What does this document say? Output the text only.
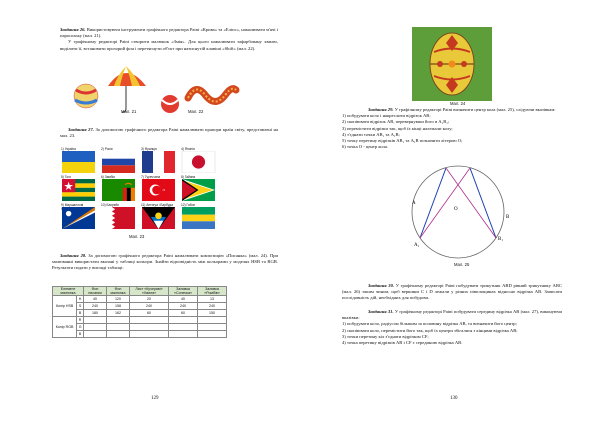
Завдання 26. Використовуючи інструменти графічного редактора Paint «Крива» та «Еліпс», намалювати м'ячі і парасольку (мал. 21).

У графічному редакторі Paint створити малюнок «Змія». Для цього намалювати зафарбовану хвилю, виділити її, встановити прозорий фон і перетягнути об'єкт при натиснутій клавіші «Shift» (мал. 22).

Мал. 21	Мал. 22

Завдання 27. За допомогою графічного редактора Paint намалювати прапори країн світу, представлені на мал. 23.

1) Україна	2) Росія	3) Франція	4) Японія
5) Того	6) Замбія	7) Туреччина	8) Гайана
9) Маршаллові	10) Бахрейн	11) Антигуа і Барбуда	12) Габон
Мал. 23

Завдання 28. За допомогою графічного редактора Paint намалювати композицію «Писанка» (мал. 24). При малюванні використати вказані у таблиці кольори. Знайти відповідність між кольорами у моделях HSB та RGB. Результати подати у вигляді таблиці:

Елемент малюнка		Фон писанки	Фон малюнка	Лист «Кучеряві» «Хвиля»	Заливка «Сонечка»	Заливка «Ромбів»
Колір HSB	H	40	120	20	40	13
	S	240	158	240	240	240
	B	180	162	60	60	150
Колір RGB	R					
	G					
	B					
129
Мал. 24

Завдання 29. У графічному редакторі Paint визначити центр кола (мал. 25), слідуючи вказівкам:

1) побудувати коло і накреслити відрізок AB;

2) скопіювати відрізок AB, перевернувши його в A₁B₁;

3) перемістити відрізки так, щоб їх кінці належали колу;

4) з'єднати точки AB₁ та A₁B;

5) точку перетину відрізків AB₁ та A₁B позначити літерою O;

6) точка O - центр кола.

A
A₁
B₁
B
O
Мал. 25

Завдання 30. У графічному редакторі Paint побудувати трикутник ABD рівний трикутнику ABC (мал. 26) таким чином, щоб вершини C і D лежали у різних півплощинах відносно відрізка AB. Записати послідовність дій, необхідних для побудови.

Завдання 31. У графічному редакторі Paint побудувати середину відрізка AB (мал. 27), виконуючи вказівки:

1) побудувати коло, радіусом більшим за половину відрізка AB, та визначити його центр;

2) скопіювати коло, перемістити його так, щоб їх центри збігалися з кінцями відрізка AB;

3) точки перетину кіл з'єднати відрізком CF;

4) точка перетину відрізків AB і CF є серединою відрізка AB.

130
